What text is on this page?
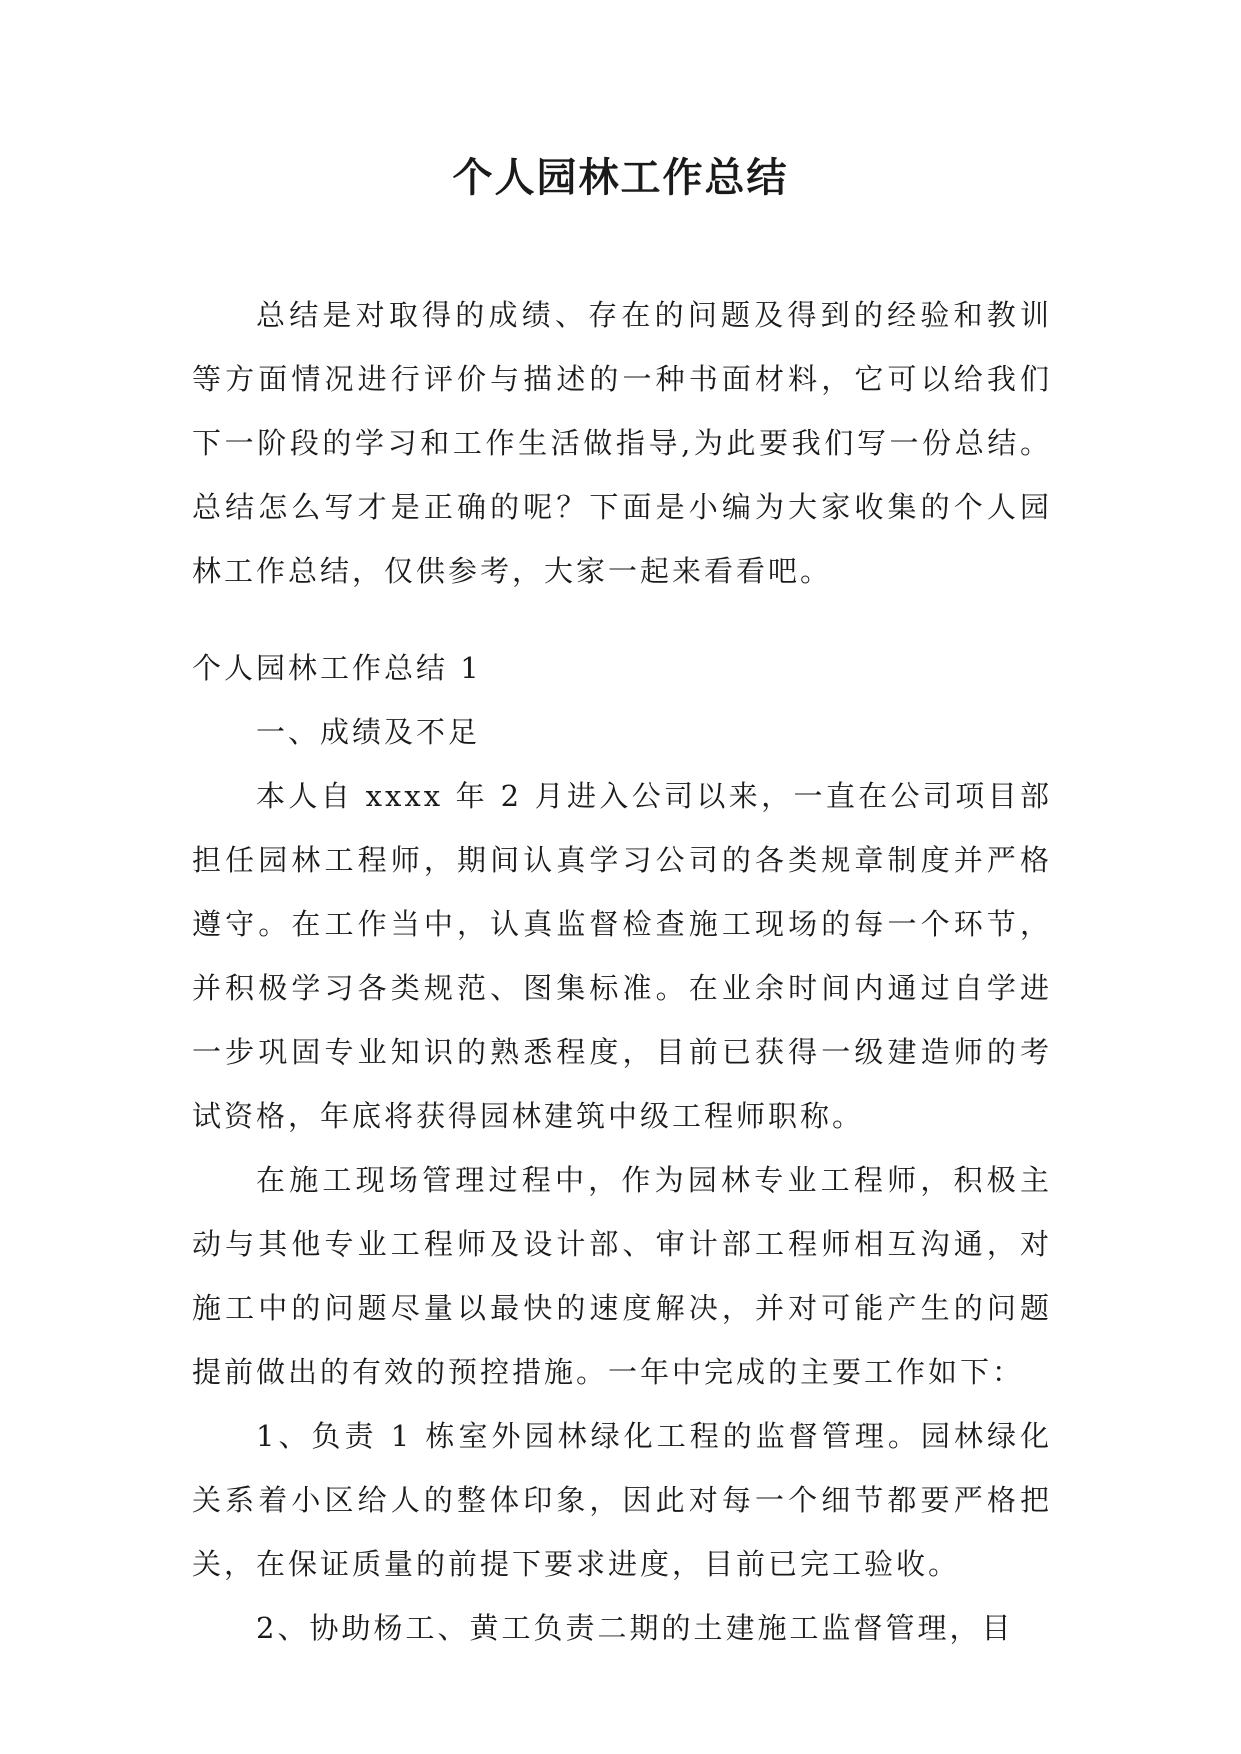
个人园林工作总结

总结是对取得的成绩、存在的问题及得到的经验和教训等方面情况进行评价与描述的一种书面材料，它可以给我们下一阶段的学习和工作生活做指导,为此要我们写一份总结。总结怎么写才是正确的呢？下面是小编为大家收集的个人园林工作总结，仅供参考，大家一起来看看吧。

个人园林工作总结 1

一、成绩及不足

本人自 xxxx 年 2 月进入公司以来，一直在公司项目部担任园林工程师，期间认真学习公司的各类规章制度并严格遵守。在工作当中，认真监督检查施工现场的每一个环节，并积极学习各类规范、图集标准。在业余时间内通过自学进一步巩固专业知识的熟悉程度，目前已获得一级建造师的考试资格，年底将获得园林建筑中级工程师职称。

在施工现场管理过程中，作为园林专业工程师，积极主动与其他专业工程师及设计部、审计部工程师相互沟通，对施工中的问题尽量以最快的速度解决，并对可能产生的问题提前做出的有效的预控措施。一年中完成的主要工作如下：

1、负责 1 栋室外园林绿化工程的监督管理。园林绿化关系着小区给人的整体印象，因此对每一个细节都要严格把关，在保证质量的前提下要求进度，目前已完工验收。

2、协助杨工、黄工负责二期的土建施工监督管理，目
